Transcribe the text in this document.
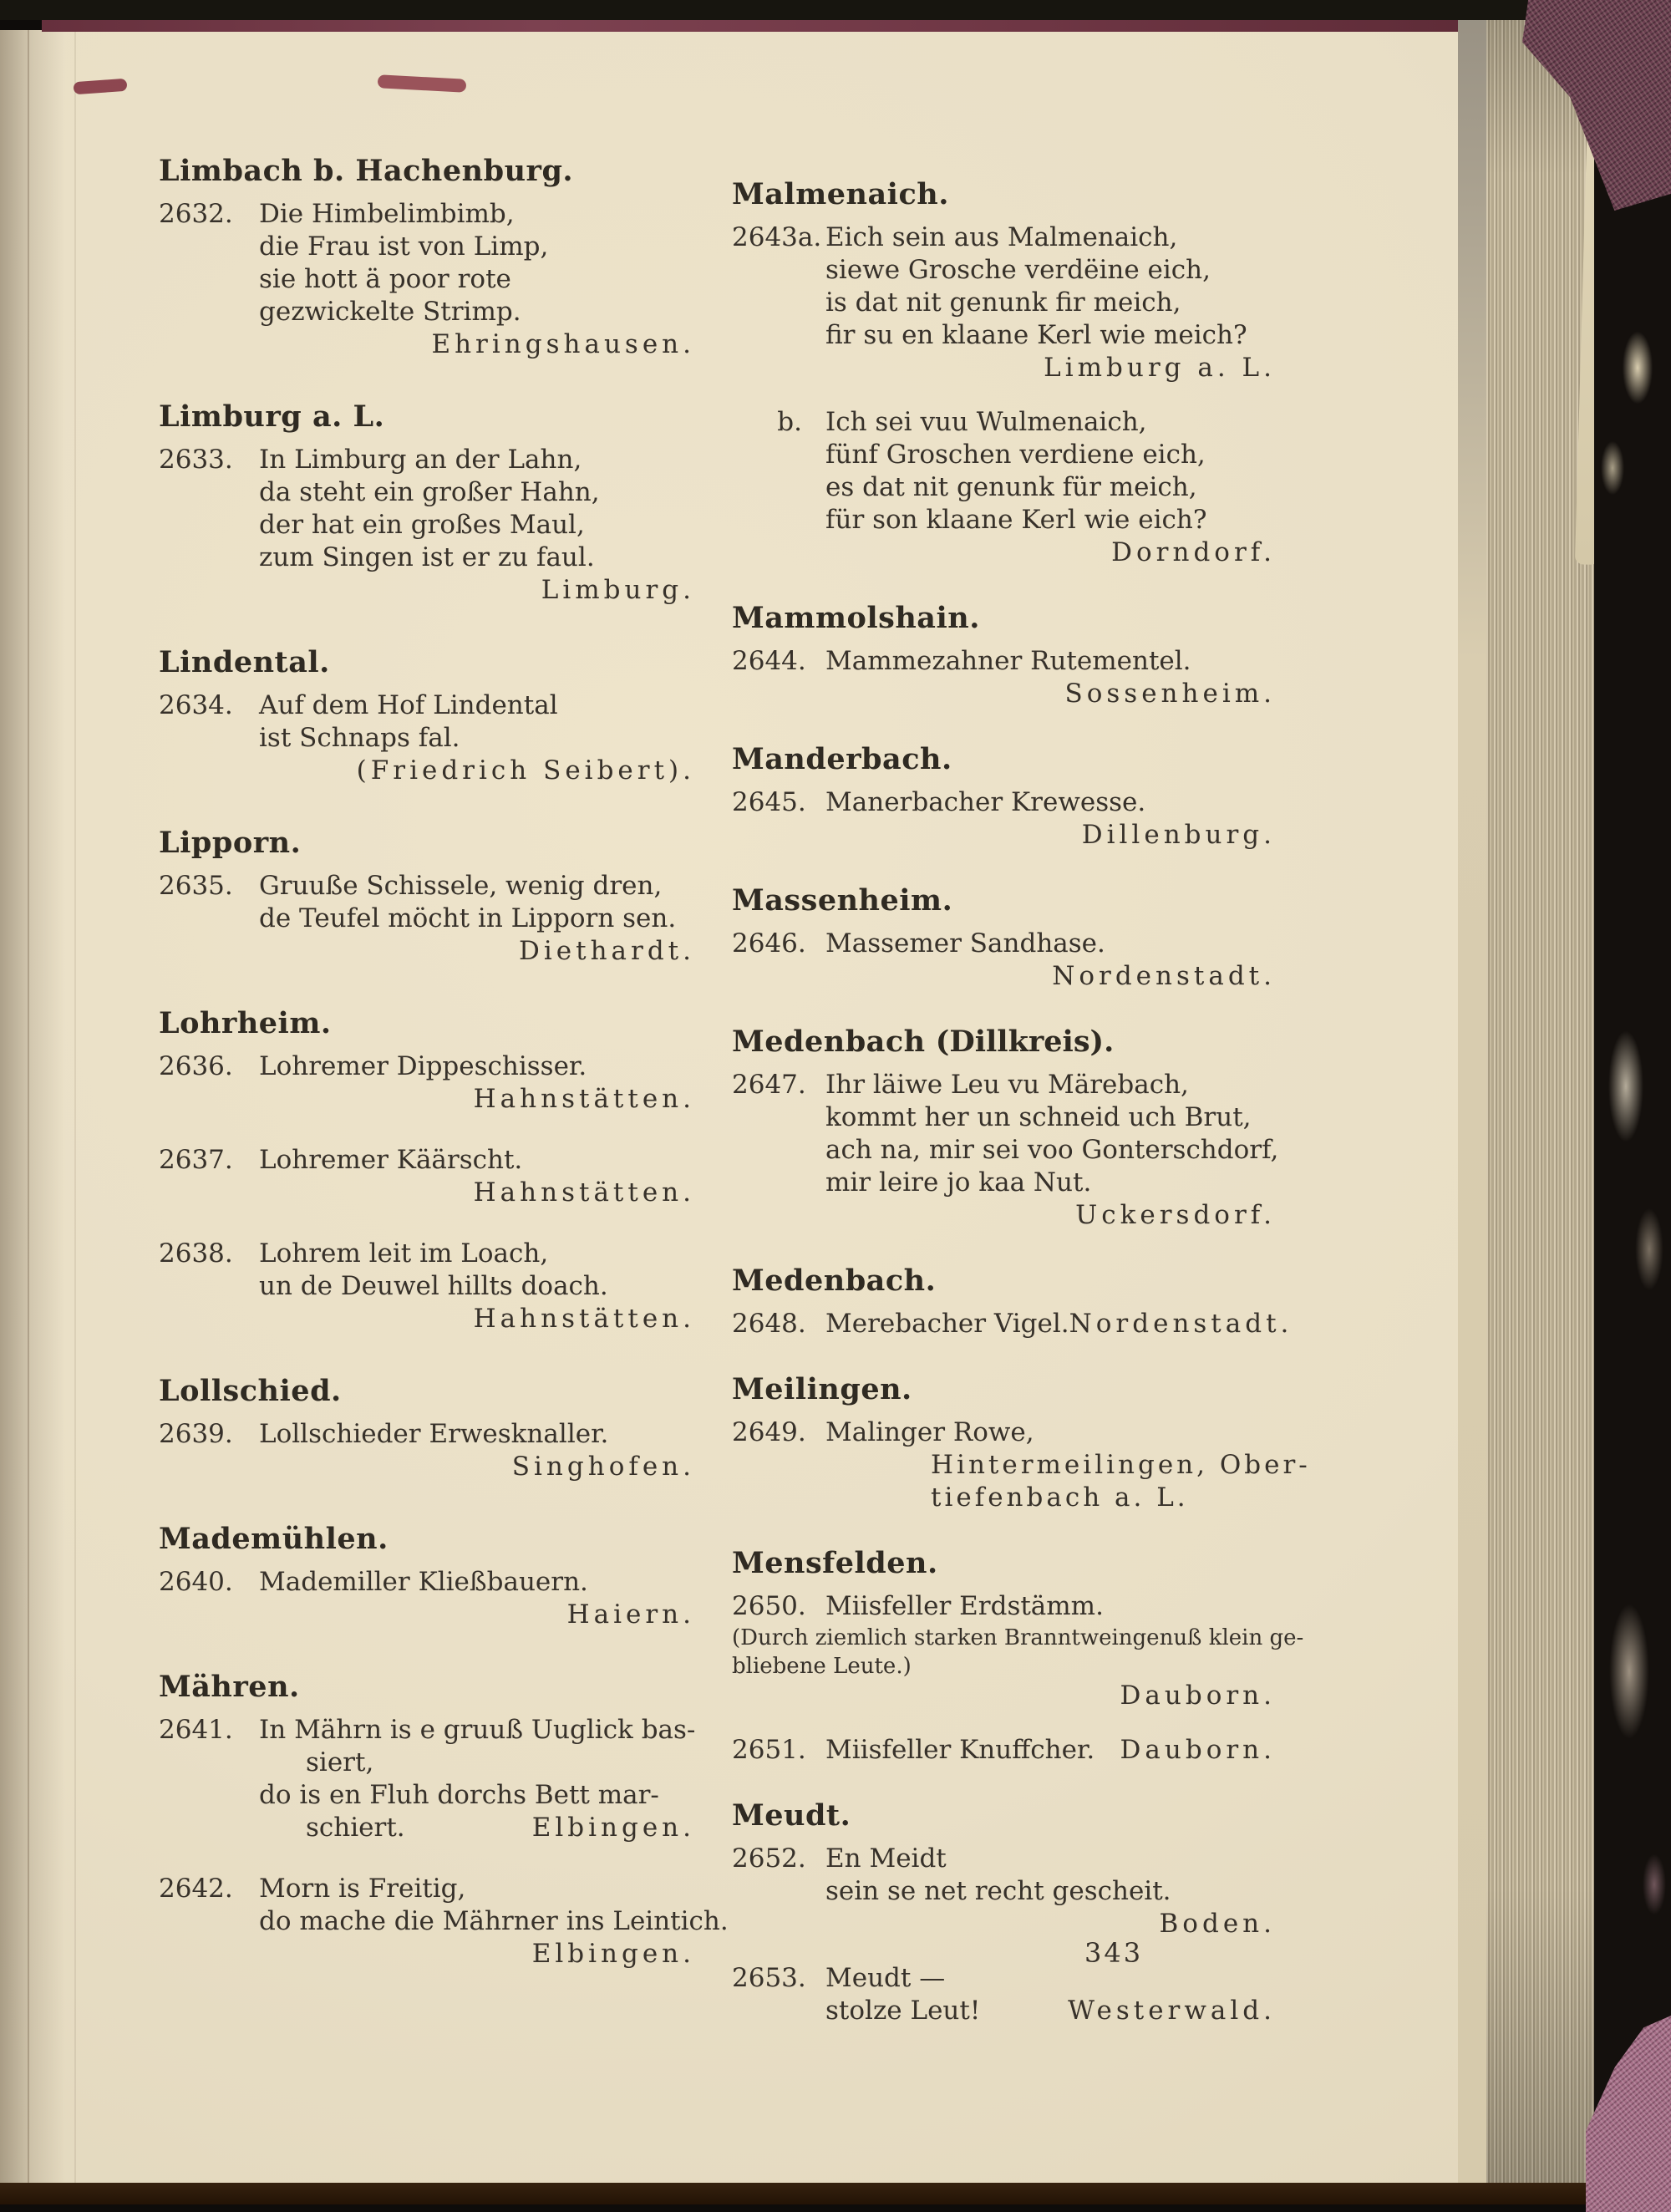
Limbach b. Hachenburg.
2632.	Die Himbelimbimb,
die Frau ist von Limp,
sie hott ä poor rote
gezwickelte Strimp.
Ehringshausen.
Limburg a. L.
2633.	In Limburg an der Lahn,
da steht ein großer Hahn,
der hat ein großes Maul,
zum Singen ist er zu faul.
Limburg.
Lindental.
2634.	Auf dem Hof Lindental
ist Schnaps fal.
(Friedrich Seibert).
Lipporn.
2635.	Gruuße Schissele, wenig dren,
de Teufel möcht in Lipporn sen.
Diethardt.
Lohrheim.
2636.	Lohremer Dippeschisser.
Hahnstätten.
2637.	Lohremer Käärscht.
Hahnstätten.
2638.	Lohrem leit im Loach,
un de Deuwel hillts doach.
Hahnstätten.
Lollschied.
2639.	Lollschieder Erwesknaller.
Singhofen.
Mademühlen.
2640.	Mademiller Kließbauern.
Haiern.
Mähren.
2641.	In Mährn is e gruuß Uuglick bas-
siert,
do is en Fluh dorchs Bett mar-
schiert.	Elbingen.
2642.	Morn is Freitig,
do mache die Mährner ins Leintich.
Elbingen.
Malmenaich.
2643a. Eich sein aus Malmenaich,
siewe Grosche verdëine eich,
is dat nit genunk fir meich,
fir su en klaane Kerl wie meich?
Limburg a. L.
b. Ich sei vuu Wulmenaich,
fünf Groschen verdiene eich,
es dat nit genunk für meich,
für son klaane Kerl wie eich?
Dorndorf.
Mammolshain.
2644. Mammezahner Rutementel.
Sossenheim.
Manderbach.
2645. Manerbacher Krewesse.
Dillenburg.
Massenheim.
2646. Massemer Sandhase.
Nordenstadt.
Medenbach (Dillkreis).
2647. Ihr läiwe Leu vu Märebach,
kommt her un schneid uch Brut,
ach na, mir sei voo Gonterschdorf,
mir leire jo kaa Nut.
Uckersdorf.
Medenbach.
2648. Merebacher Vigel. Nordenstadt.
Meilingen.
2649. Malinger Rowe,
Hintermeilingen, Ober-
tiefenbach a. L.
Mensfelden.
2650. Miisfeller Erdstämm.
(Durch ziemlich starken Branntweingenuß klein ge-
bliebene Leute.)
Dauborn.
2651. Miisfeller Knuffcher. Dauborn.
Meudt.
2652. En Meidt
sein se net recht gescheit.
Boden.
2653. Meudt —
stolze Leut!	Westerwald.
343
